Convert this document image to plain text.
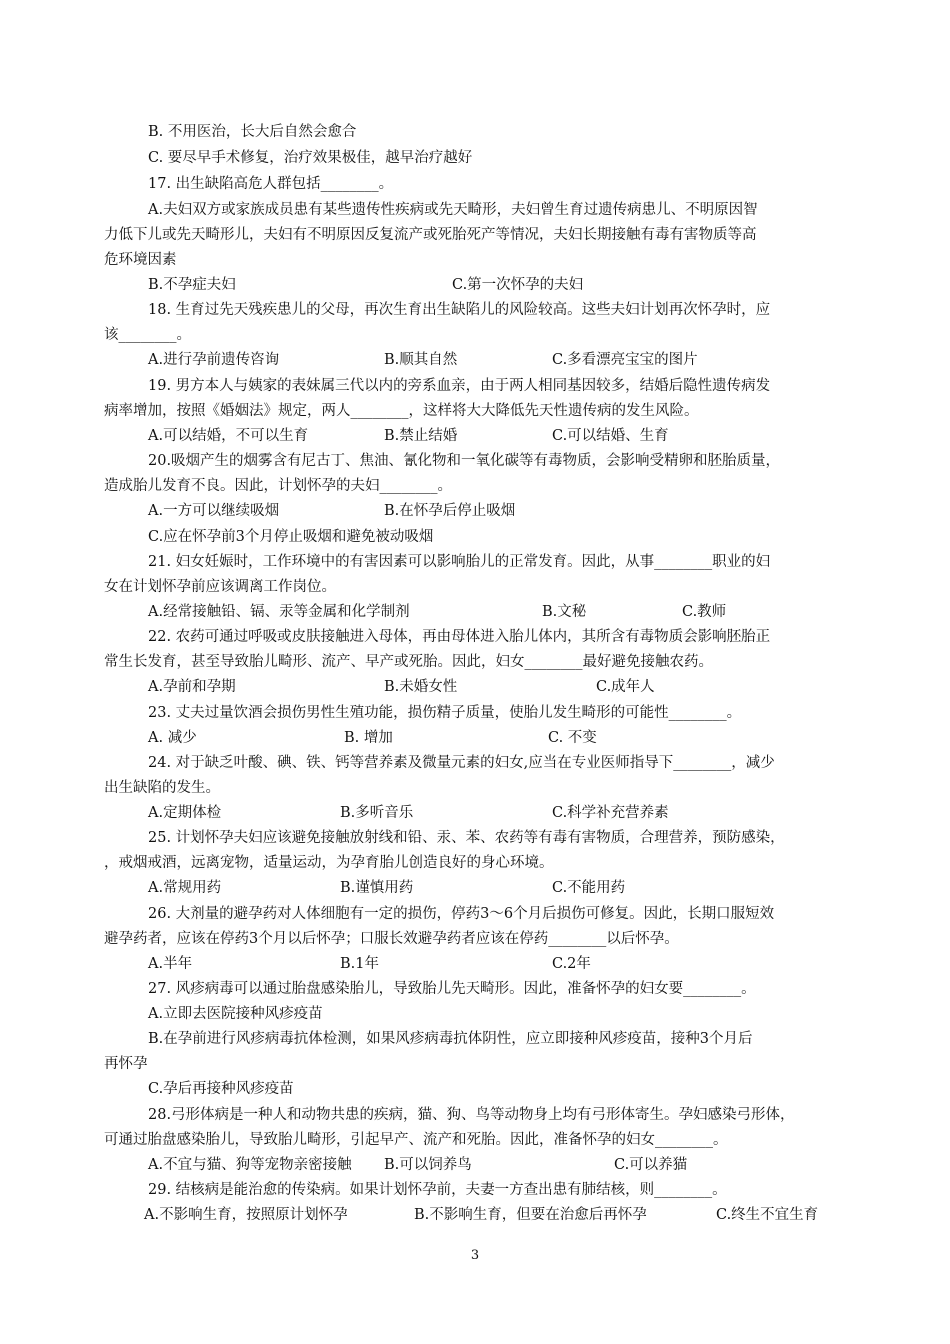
B. 不用医治，长大后自然会愈合
C. 要尽早手术修复，治疗效果极佳，越早治疗越好
17. 出生缺陷高危人群包括________。
A.夫妇双方或家族成员患有某些遗传性疾病或先天畸形，夫妇曾生育过遗传病患儿、不明原因智
力低下儿或先天畸形儿，夫妇有不明原因反复流产或死胎死产等情况，夫妇长期接触有毒有害物质等高
危环境因素
B.不孕症夫妇	C.第一次怀孕的夫妇
18. 生育过先天残疾患儿的父母，再次生育出生缺陷儿的风险较高。这些夫妇计划再次怀孕时，应
该________。
A.进行孕前遗传咨询	B.顺其自然	C.多看漂亮宝宝的图片
19. 男方本人与姨家的表妹属三代以内的旁系血亲，由于两人相同基因较多，结婚后隐性遗传病发
病率增加，按照《婚姻法》规定，两人________，这样将大大降低先天性遗传病的发生风险。
A.可以结婚，不可以生育	B.禁止结婚	C.可以结婚、生育
20.吸烟产生的烟雾含有尼古丁、焦油、氰化物和一氧化碳等有毒物质，会影响受精卵和胚胎质量，
造成胎儿发育不良。因此，计划怀孕的夫妇________。
A.一方可以继续吸烟	B.在怀孕后停止吸烟
C.应在怀孕前3个月停止吸烟和避免被动吸烟
21. 妇女妊娠时，工作环境中的有害因素可以影响胎儿的正常发育。因此，从事________职业的妇
女在计划怀孕前应该调离工作岗位。
A.经常接触铅、镉、汞等金属和化学制剂	B.文秘	C.教师
22. 农药可通过呼吸或皮肤接触进入母体，再由母体进入胎儿体内，其所含有毒物质会影响胚胎正
常生长发育，甚至导致胎儿畸形、流产、早产或死胎。因此，妇女________最好避免接触农药。
A.孕前和孕期	B.未婚女性	C.成年人
23. 丈夫过量饮酒会损伤男性生殖功能，损伤精子质量，使胎儿发生畸形的可能性________。
A. 减少	B. 增加	C. 不变
24. 对于缺乏叶酸、碘、铁、钙等营养素及微量元素的妇女,应当在专业医师指导下________，减少
出生缺陷的发生。
A.定期体检	B.多听音乐	C.科学补充营养素
25. 计划怀孕夫妇应该避免接触放射线和铅、汞、苯、农药等有毒有害物质，合理营养，预防感染，
，戒烟戒酒，远离宠物，适量运动，为孕育胎儿创造良好的身心环境。
A.常规用药	B.谨慎用药	C.不能用药
26. 大剂量的避孕药对人体细胞有一定的损伤，停药3～6个月后损伤可修复。因此，长期口服短效
避孕药者，应该在停药3个月以后怀孕；口服长效避孕药者应该在停药________以后怀孕。
A.半年	B.1年	C.2年
27. 风疹病毒可以通过胎盘感染胎儿，导致胎儿先天畸形。因此，准备怀孕的妇女要________。
A.立即去医院接种风疹疫苗
B.在孕前进行风疹病毒抗体检测，如果风疹病毒抗体阴性，应立即接种风疹疫苗，接种3个月后
再怀孕
C.孕后再接种风疹疫苗
28.弓形体病是一种人和动物共患的疾病，猫、狗、鸟等动物身上均有弓形体寄生。孕妇感染弓形体，
可通过胎盘感染胎儿，导致胎儿畸形，引起早产、流产和死胎。因此，准备怀孕的妇女________。
A.不宜与猫、狗等宠物亲密接触 B.可以饲养鸟	C.可以养猫
29. 结核病是能治愈的传染病。如果计划怀孕前，夫妻一方查出患有肺结核，则________。
A.不影响生育，按照原计划怀孕	B.不影响生育，但要在治愈后再怀孕	C.终生不宜生育
3
